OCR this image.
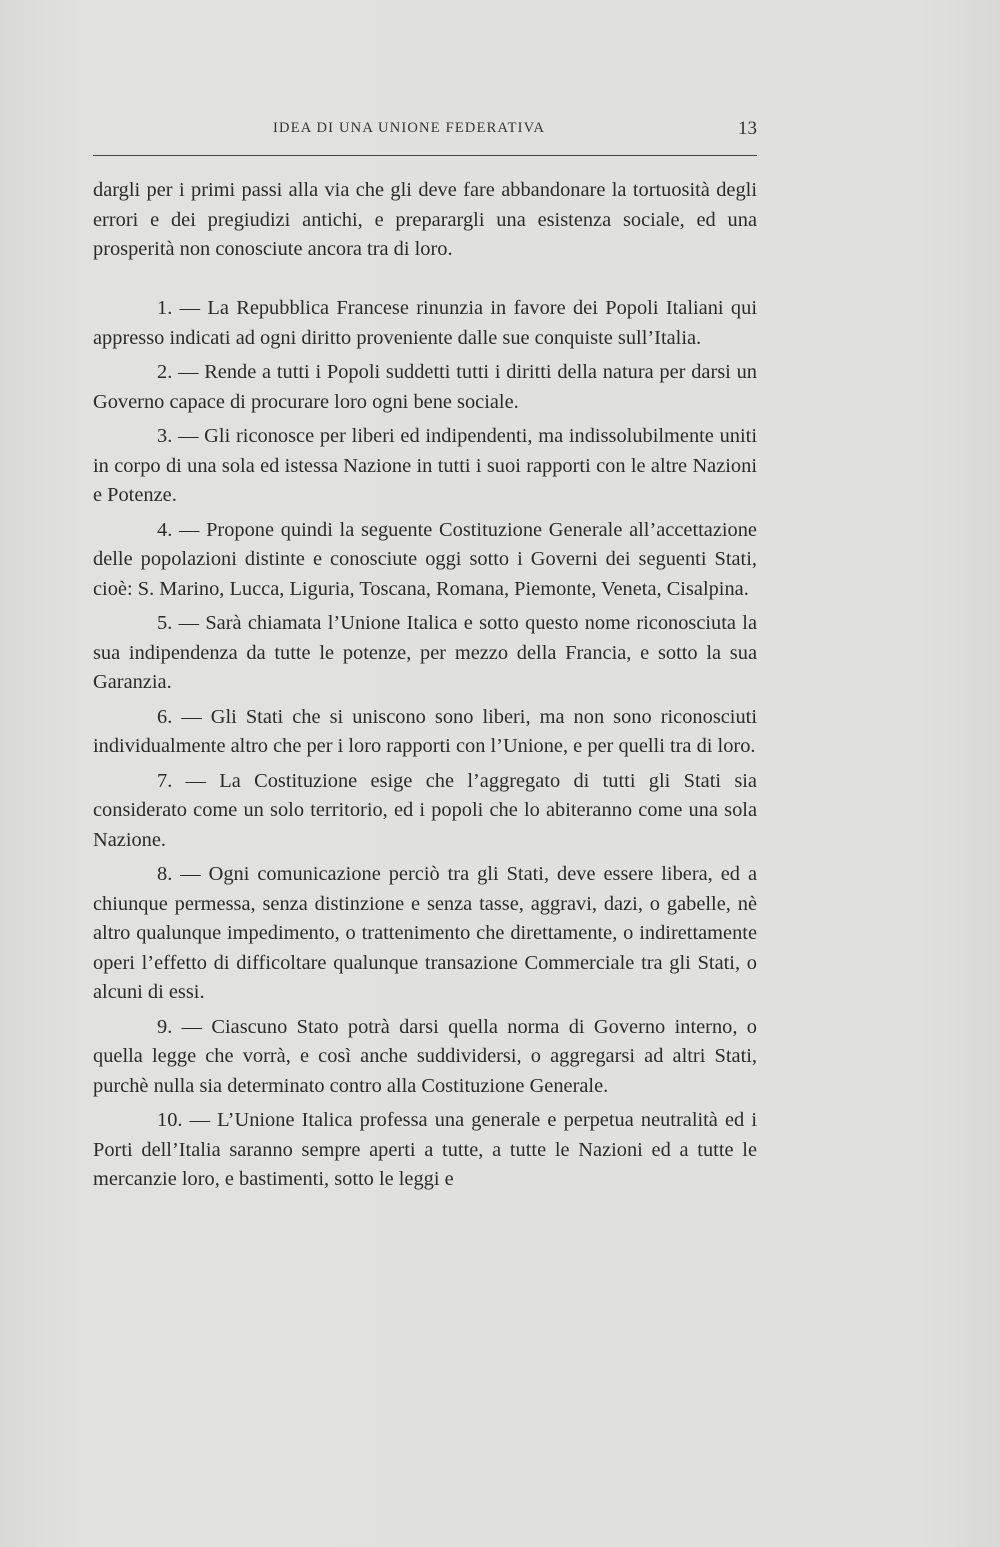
IDEA DI UNA UNIONE FEDERATIVA	13

dargli per i primi passi alla via che gli deve fare abbandonare la tortuosità degli errori e dei pregiudizi antichi, e preparargli una esistenza sociale, ed una prosperità non conosciute ancora tra di loro.

1. — La Repubblica Francese rinunzia in favore dei Popoli Italiani qui appresso indicati ad ogni diritto proveniente dalle sue conquiste sull’Italia.

2. — Rende a tutti i Popoli suddetti tutti i diritti della natura per darsi un Governo capace di procurare loro ogni bene sociale.

3. — Gli riconosce per liberi ed indipendenti, ma indissolubilmente uniti in corpo di una sola ed istessa Nazione in tutti i suoi rapporti con le altre Nazioni e Potenze.

4. — Propone quindi la seguente Costituzione Generale all’accettazione delle popolazioni distinte e conosciute oggi sotto i Governi dei seguenti Stati, cioè: S. Marino, Lucca, Liguria, Toscana, Romana, Piemonte, Veneta, Cisalpina.

5. — Sarà chiamata l’Unione Italica e sotto questo nome riconosciuta la sua indipendenza da tutte le potenze, per mezzo della Francia, e sotto la sua Garanzia.

6. — Gli Stati che si uniscono sono liberi, ma non sono riconosciuti individualmente altro che per i loro rapporti con l’Unione, e per quelli tra di loro.

7. — La Costituzione esige che l’aggregato di tutti gli Stati sia considerato come un solo territorio, ed i popoli che lo abiteranno come una sola Nazione.

8. — Ogni comunicazione perciò tra gli Stati, deve essere libera, ed a chiunque permessa, senza distinzione e senza tasse, aggravi, dazi, o gabelle, nè altro qualunque impedimento, o trattenimento che direttamente, o indirettamente operi l’effetto di difficoltare qualunque transazione Commerciale tra gli Stati, o alcuni di essi.

9. — Ciascuno Stato potrà darsi quella norma di Governo interno, o quella legge che vorrà, e così anche suddividersi, o aggregarsi ad altri Stati, purchè nulla sia determinato contro alla Costituzione Generale.

10. — L’Unione Italica professa una generale e perpetua neutralità ed i Porti dell’Italia saranno sempre aperti a tutte, a tutte le Nazioni ed a tutte le mercanzie loro, e bastimenti, sotto le leggi e
